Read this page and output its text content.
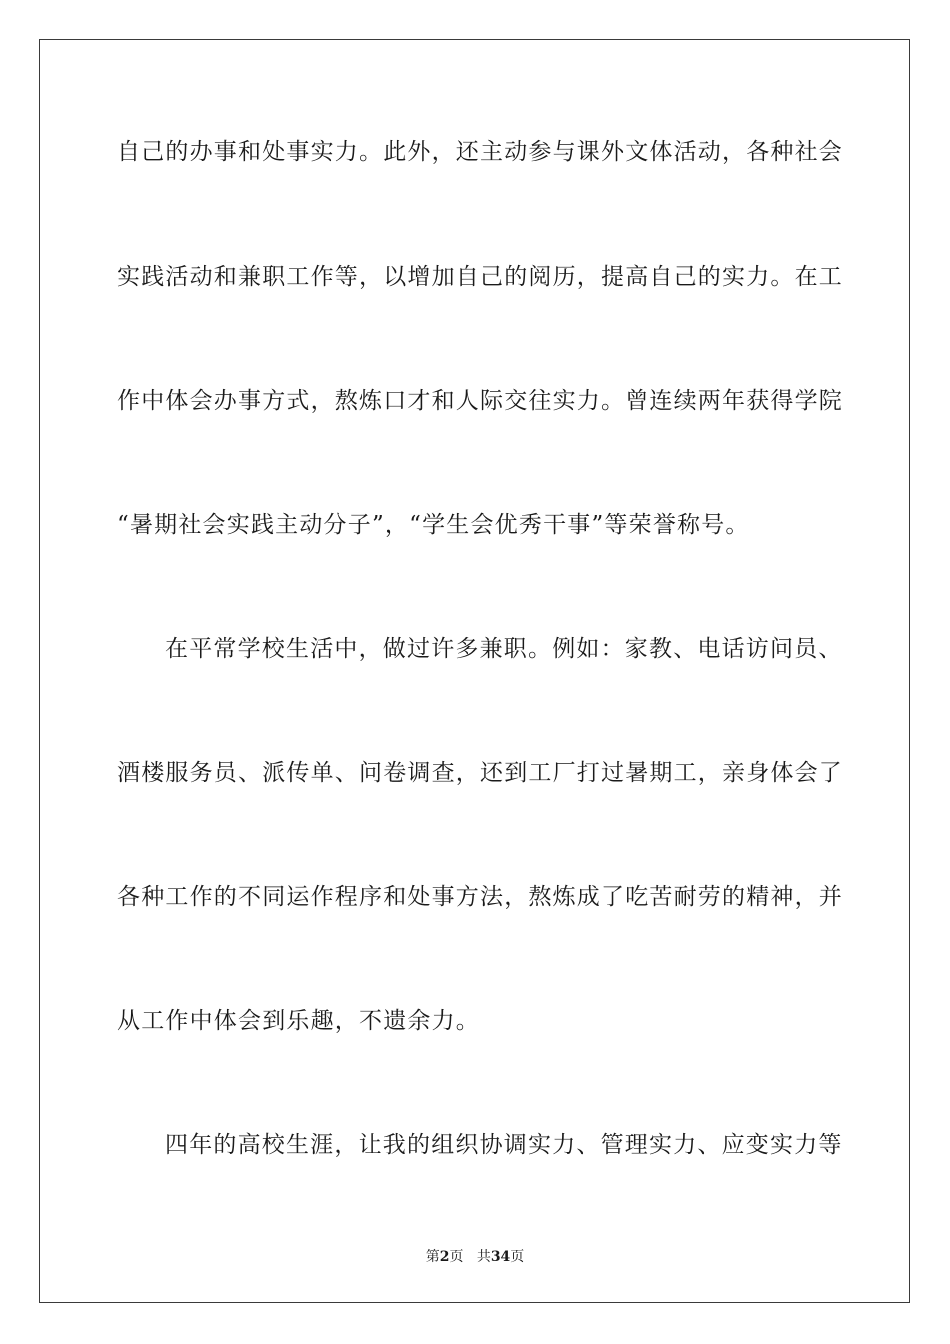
自己的办事和处事实力。此外，还主动参与课外文体活动，各种社会
实践活动和兼职工作等，以增加自己的阅历，提高自己的实力。在工
作中体会办事方式，熬炼口才和人际交往实力。曾连续两年获得学院
“暑期社会实践主动分子”，“学生会优秀干事”等荣誉称号。
在平常学校生活中，做过许多兼职。例如：家教、电话访问员、
酒楼服务员、派传单、问卷调查，还到工厂打过暑期工，亲身体会了
各种工作的不同运作程序和处事方法，熬炼成了吃苦耐劳的精神，并
从工作中体会到乐趣，不遗余力。
四年的高校生涯，让我的组织协调实力、管理实力、应变实力等
第2页 共34页
